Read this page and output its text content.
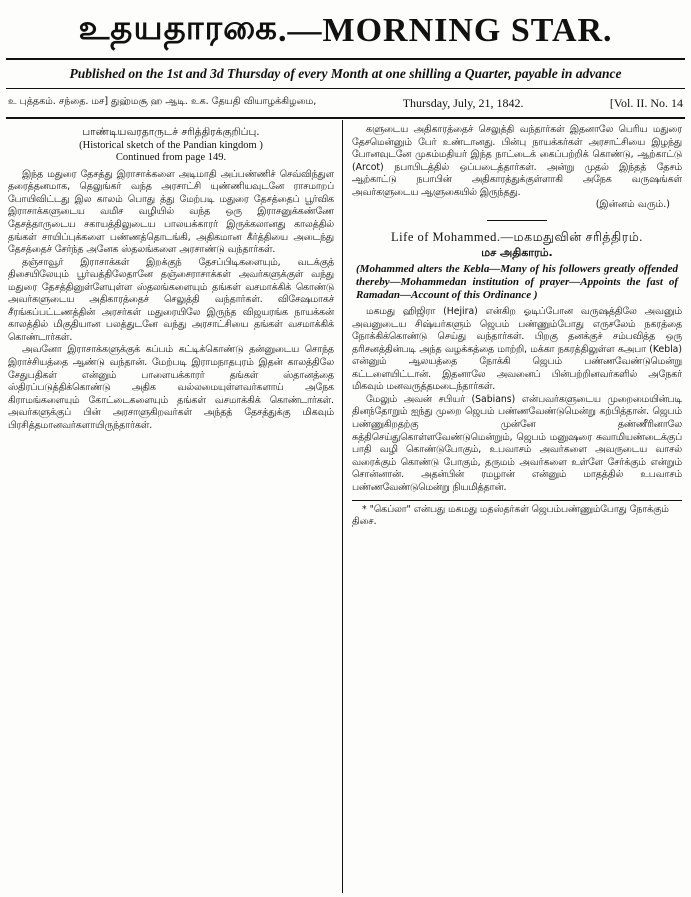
உதயதாரகை .— MORNING STAR.
Published on the 1st and 3d Thursday of every Month at one shilling a Quarter, payable in advance
உ புத்தகம். சந்தை. மச] துஹ்மசூ ஹ ஆடி. உக. தேயதி வியாழக்கிழமை,	Thursday, July, 21, 1842.	[Vol. II. No. 14
பாண்டியவரதாருடச் சரித்திரக்குறிப்பு.
(Historical sketch of the Pandian kingdom )
Continued from page 149.

இந்த மதுரை தேசத்து இராசாக்களை அடிமாதி அப்பண்ணிச் செவ்விந்துள தரைத்தனமாக, தெலுங்கர் வந்த அரசாட்சி யுண்ணியவுடனே ராசமாறப் போயிவிட்டது இல காலம் பொது த்து மேற்படி மதுரை தேசத்தைப் பூர்விக இராசாக்களுடைய வமிச வழியில் வந்த ஒரு இராசனுக்கண்ணே தேசத்தாருடைய சகாயத்திலுடைய பாலயக்காரர் இருக்கலானது காலத்தில் தங்கள் சாயிப்புக்களை பண்ணத்தொடங்கி, அதிகமான கீர்த்தியை அடைந்து தேசத்தைச் சேர்ந்த அனேக ஸ்தலங்களை அரசாண்டு வந்தார்கள்.

தஞ்சாவூர் இராசாக்கள் இறக்குந் தேசப்பிடிகளையும், வடக்குத் திசையிலேயும் பூர்வத்திலேதானே தஞ்சைராசாக்கள் அவர்களுக்குள் வந்து மதுரை தேசத்தினுள்ளேயுள்ள ஸ்தலங்களையும் தங்கள் வசமாக்கிக் கொண்டு அவர்களுடைய அதிகாரத்தைச் செலுத்தி வந்தார்கள். விசேஷமாகச் சீரங்கப்பட்டணத்தின் அரசர்கள் மதுரையிலே இருந்த விஜயரங்க நாயக்கன் காலத்தில் மிகுதியான பலத்துடனே வந்து அரசாட்சியை தங்கள் வசமாக்கிக் கொண்டார்கள்.

அவனோ இராசாக்களுக்குக் கப்பம் கட்டிக்கொண்டு தன்னுடைய சொந்த இராச்சியத்தை ஆண்டு வந்தான். மேற்படி இராமநாதபுரம் இதன் காலத்திலே சேதுபதிகள் என்னும் பாளையக்காரர் தங்கள் ஸ்தானத்தை ஸ்திரப்படுத்திக்கொண்டு அதிக வல்லமையுள்ளவர்களாய் அநேக கிராமங்களையும் கோட்டைகளையும் தங்கள் வசமாக்கிக் கொண்டார்கள். அவர்களுக்குப் பின் அரசாளுகிறவர்கள் அந்தத் தேசத்துக்கு மிகவும் பிரசித்தமானவர்களாயிருந்தார்கள்.

களுடைய அதிகாரத்தைச் செலுத்தி வந்தார்கள் இதனாலே பெரிய மதுரை தேசமென்னும் பேர் உண்டானது. பின்பு நாயக்கர்கள் அரசாட்சியை இழந்து போனவுடனே முகம்மதியர் இந்த நாட்டைக் கைப்பற்றிக் கொண்டு, ஆற்காட்டு (Arcot) நபாபிடத்தில் ஒப்படைத்தார்கள். அன்று முதல் இந்தத் தேசம் ஆற்காட்டு நபாபின் அதிகாரத்துக்குள்ளாகி அநேக வருஷங்கள் அவர்களுடைய ஆளுகையில் இருந்தது.

(இன்னம் வரும்.)
Life of Mohammed.—மகமதுவின் சரித்திரம்.
மச அதிகாரம்.
(Mohammed alters the Kebla—Many of his followers greatly offended thereby—Mohammedan institution of prayer—Appoints the fast of Ramadan—Account of this Ordinance )

மகமது ஹிஜிரா (Hejira) என்கிற ஓடிப்போன வருஷத்திலே அவனும் அவனுடைய சிஷ்யர்களும் ஜெபம் பண்ணும்போது எருசலேம் நகரத்தை நோக்கிக்கொண்டு செய்து வந்தார்கள். பிறகு தனக்குச் சம்பவித்த ஒரு தரிசனத்தின்படி அந்த வழக்கத்தை மாற்றி, மக்கா நகரத்திலுள்ள கஅபா (Kebla) என்னும் ஆலயத்தை நோக்கி ஜெபம் பண்ணவேண்டுமென்று கட்டளையிட்டான். இதனாலே அவனைப் பின்பற்றினவர்களில் அநேகர் மிகவும் மனவருத்தமடைந்தார்கள்.

மேலும் அவன் சபியர் (Sabians) என்பவர்களுடைய முறைமையின்படி தினந்தோறும் ஐந்து முறை ஜெபம் பண்ணவேண்டுமென்று கற்பித்தான். ஜெபம் பண்ணுகிறதற்கு முன்னே தண்ணீரினாலே சுத்திசெய்துகொள்ளவேண்டுமென்றும், ஜெபம் மனுஷரை சுவாமியண்டைக்குப் பாதி வழி கொண்டுபோகும், உபவாசம் அவர்களை அவருடைய வாசல் வரைக்கும் கொண்டு போகும், தருமம் அவர்களை உள்ளே சேர்க்கும் என்றும் சொன்னான். அதன்பின் ரமழான் என்னும் மாதத்தில் உபவாசம் பண்ணவேண்டுமென்று நியமித்தான்.

* "கெப்லா" என்பது மகமது மதஸ்தர்கள் ஜெபம்பண்ணும்போது நோக்கும் திசை.
